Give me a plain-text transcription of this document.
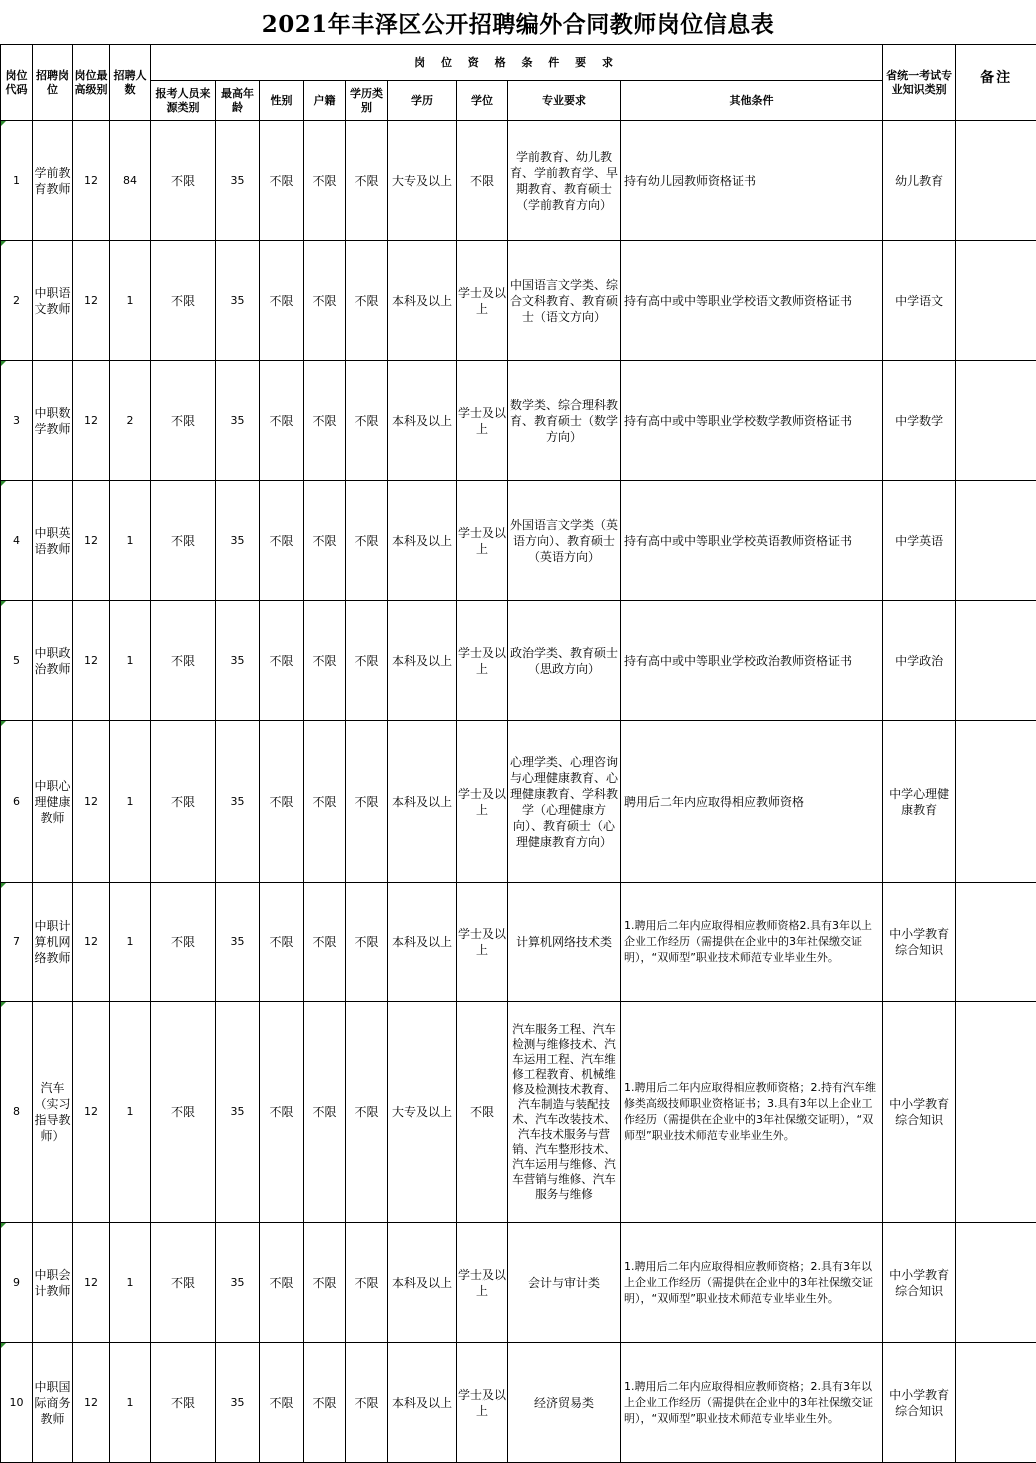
2021年丰泽区公开招聘编外合同教师岗位信息表
岗位代码	招聘岗位	岗位最高级别	招聘人数	岗 位 资 格 条 件 要 求									省统一考试专业知识类别	备注
				报考人员来源类别	最高年龄	性别	户籍	学历类别	学历	学位	专业要求	其他条件		
1	学前教育教师	12	84	不限	35	不限	不限	不限	大专及以上	不限	学前教育、幼儿教育、学前教育学、早期教育、教育硕士（学前教育方向）	持有幼儿园教师资格证书	幼儿教育	
2	中职语文教师	12	1	不限	35	不限	不限	不限	本科及以上	学士及以上	中国语言文学类、综合文科教育、教育硕士（语文方向）	持有高中或中等职业学校语文教师资格证书	中学语文	
3	中职数学教师	12	2	不限	35	不限	不限	不限	本科及以上	学士及以上	数学类、综合理科教育、教育硕士（数学方向）	持有高中或中等职业学校数学教师资格证书	中学数学	
4	中职英语教师	12	1	不限	35	不限	不限	不限	本科及以上	学士及以上	外国语言文学类（英语方向）、教育硕士（英语方向）	持有高中或中等职业学校英语教师资格证书	中学英语	
5	中职政治教师	12	1	不限	35	不限	不限	不限	本科及以上	学士及以上	政治学类、教育硕士（思政方向）	持有高中或中等职业学校政治教师资格证书	中学政治	
6	中职心理健康教师	12	1	不限	35	不限	不限	不限	本科及以上	学士及以上	心理学类、心理咨询与心理健康教育、心理健康教育、学科教学（心理健康方向）、教育硕士（心理健康教育方向）	聘用后二年内应取得相应教师资格	中学心理健康教育	
7	中职计算机网络教师	12	1	不限	35	不限	不限	不限	本科及以上	学士及以上	计算机网络技术类	1.聘用后二年内应取得相应教师资格2.具有3年以上企业工作经历（需提供在企业中的3年社保缴交证明），“双师型”职业技术师范专业毕业生外。	中小学教育综合知识	
8	汽车（实习指导教师）	12	1	不限	35	不限	不限	不限	大专及以上	不限	汽车服务工程、汽车检测与维修技术、汽车运用工程、汽车维修工程教育、机械维修及检测技术教育、汽车制造与装配技术、汽车改装技术、汽车技术服务与营销、汽车整形技术、汽车运用与维修、汽车营销与维修、汽车服务与维修	1.聘用后二年内应取得相应教师资格；2.持有汽车维修类高级技师职业资格证书；3.具有3年以上企业工作经历（需提供在企业中的3年社保缴交证明），“双师型”职业技术师范专业毕业生外。	中小学教育综合知识	
9	中职会计教师	12	1	不限	35	不限	不限	不限	本科及以上	学士及以上	会计与审计类	1.聘用后二年内应取得相应教师资格；2.具有3年以上企业工作经历（需提供在企业中的3年社保缴交证明），“双师型”职业技术师范专业毕业生外。	中小学教育综合知识	
10	中职国际商务教师	12	1	不限	35	不限	不限	不限	本科及以上	学士及以上	经济贸易类	1.聘用后二年内应取得相应教师资格；2.具有3年以上企业工作经历（需提供在企业中的3年社保缴交证明），“双师型”职业技术师范专业毕业生外。	中小学教育综合知识	
